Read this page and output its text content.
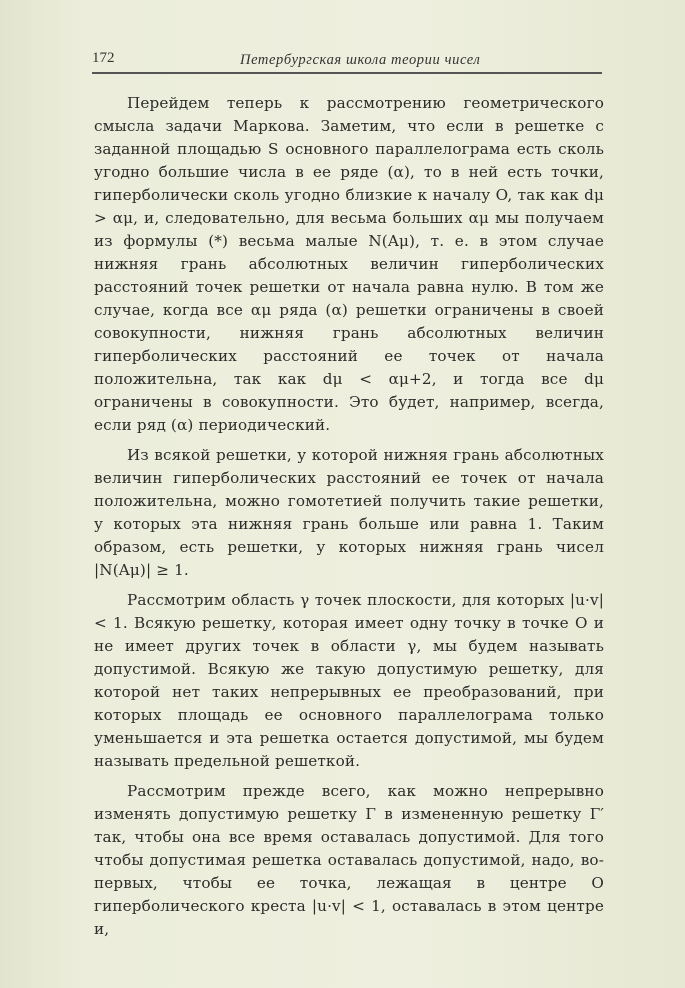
172	Петербургская школа теории чисел

Перейдем теперь к рассмотрению геометрического смысла задачи Маркова. Заметим, что если в решетке с заданной площадью S основного параллелограма есть сколь угодно большие числа в ее ряде (α), то в ней есть точки, гиперболически сколь угодно близкие к началу O, так как dμ > αμ, и, следовательно, для весьма больших αμ мы получаем из формулы (*) весьма малые N(Aμ), т. е. в этом случае нижняя грань абсолютных величин гиперболических расстояний точек решетки от начала равна нулю. В том же случае, когда все αμ ряда (α) решетки ограничены в своей совокупности, нижняя грань абсолютных величин гиперболических расстояний ее точек от начала положительна, так как dμ < αμ+2, и тогда все dμ ограничены в совокупности. Это будет, например, всегда, если ряд (α) периодический.

Из всякой решетки, у которой нижняя грань абсолютных величин гиперболических расстояний ее точек от начала положительна, можно гомотетией получить такие решетки, у которых эта нижняя грань больше или равна 1. Таким образом, есть решетки, у которых нижняя грань чисел |N(Aμ)| ≥ 1.

Рассмотрим область γ точек плоскости, для которых |u·v| < 1. Всякую решетку, которая имеет одну точку в точке O и не имеет других точек в области γ, мы будем называть допустимой. Всякую же такую допустимую решетку, для которой нет таких непрерывных ее преобразований, при которых площадь ее основного параллелограма только уменьшается и эта решетка остается допустимой, мы будем называть предельной решеткой.

Рассмотрим прежде всего, как можно непрерывно изменять допустимую решетку Γ в измененную решетку Γ′ так, чтобы она все время оставалась допустимой. Для того чтобы допустимая решетка оставалась допустимой, надо, во-первых, чтобы ее точка, лежащая в центре O гиперболического креста |u·v| < 1, оставалась в этом центре и,
